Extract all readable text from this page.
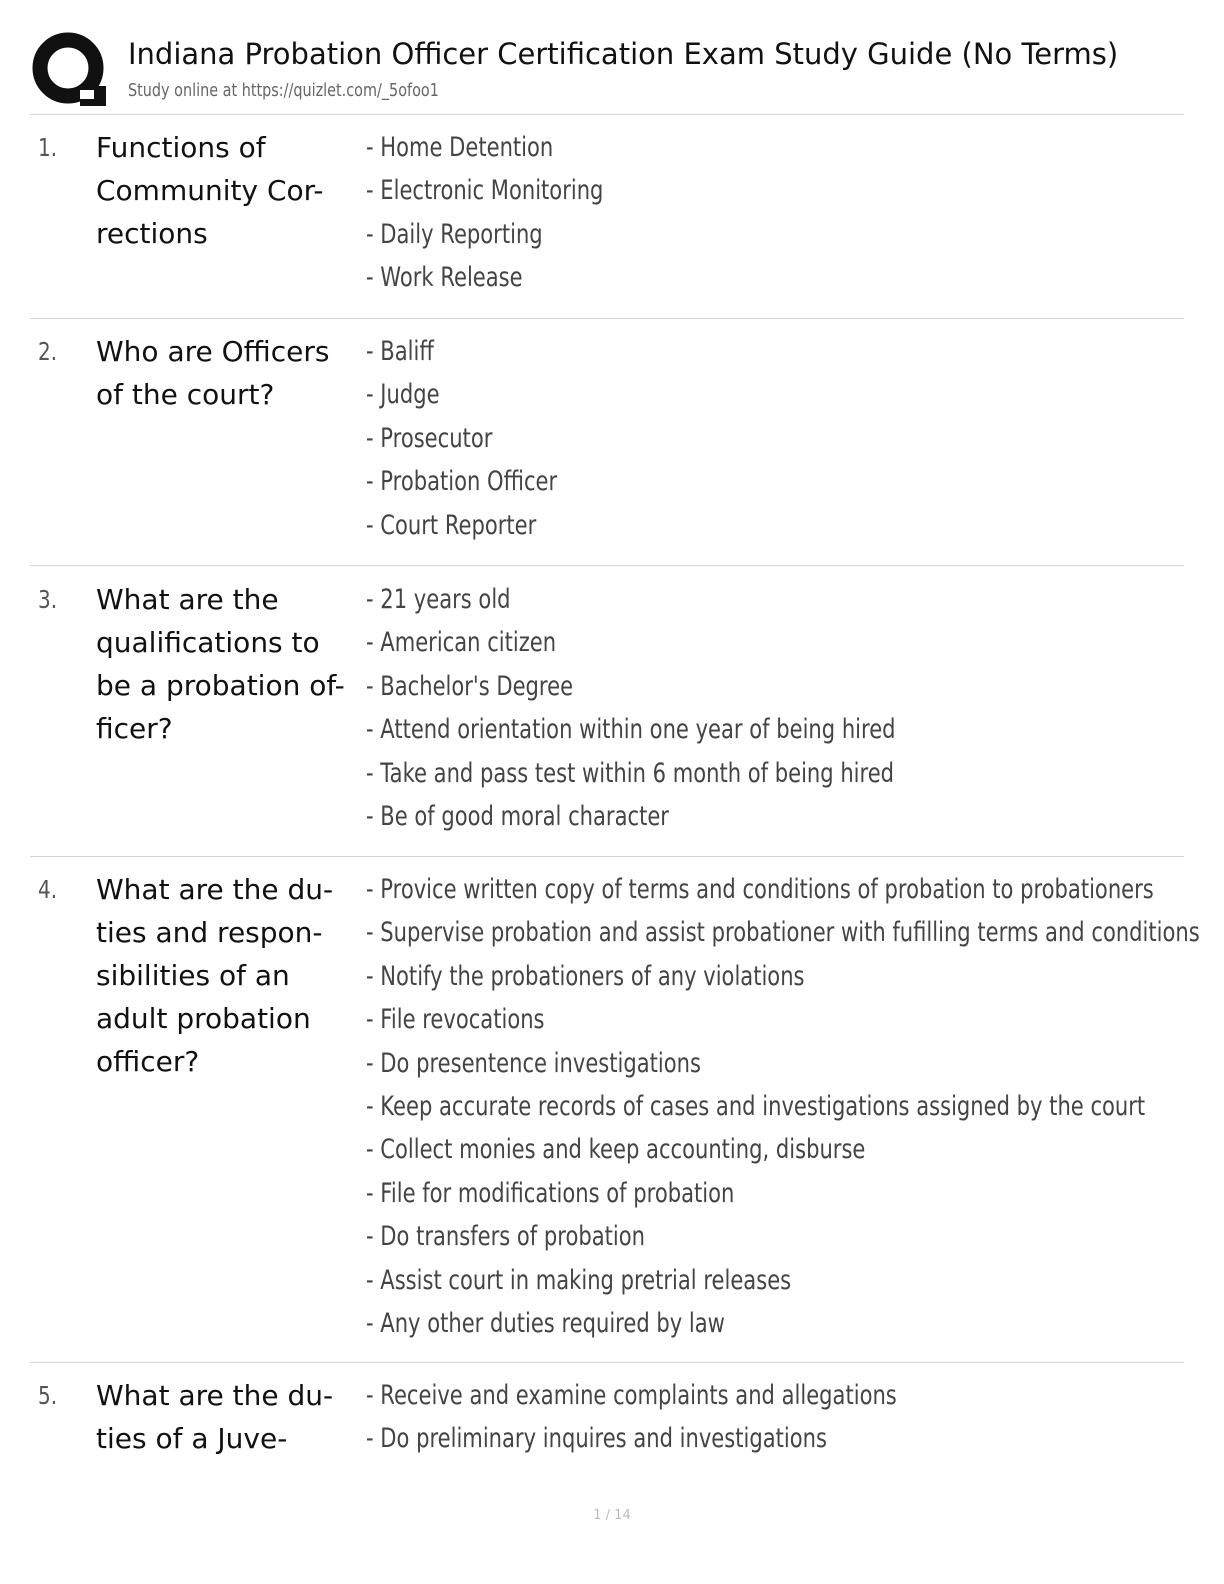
Indiana Probation Officer Certification Exam Study Guide (No Terms)
Study online at https://quizlet.com/_5ofoo1
1. Functions of
Community Cor-
rections
- Home Detention
- Electronic Monitoring
- Daily Reporting
- Work Release
2. Who are Officers
of the court?
- Baliff
- Judge
- Prosecutor
- Probation Officer
- Court Reporter
3. What are the
qualifications to
be a probation of-
ficer?
- 21 years old
- American citizen
- Bachelor's Degree
- Attend orientation within one year of being hired
- Take and pass test within 6 month of being hired
- Be of good moral character
4. What are the du-
ties and respon-
sibilities of an
adult probation
officer?
- Provice written copy of terms and conditions of probation to probationers
- Supervise probation and assist probationer with fufilling terms and conditions
- Notify the probationers of any violations
- File revocations
- Do presentence investigations
- Keep accurate records of cases and investigations assigned by the court
- Collect monies and keep accounting, disburse
- File for modifications of probation
- Do transfers of probation
- Assist court in making pretrial releases
- Any other duties required by law
5. What are the du-
ties of a Juve-
- Receive and examine complaints and allegations
- Do preliminary inquires and investigations
1 / 14
